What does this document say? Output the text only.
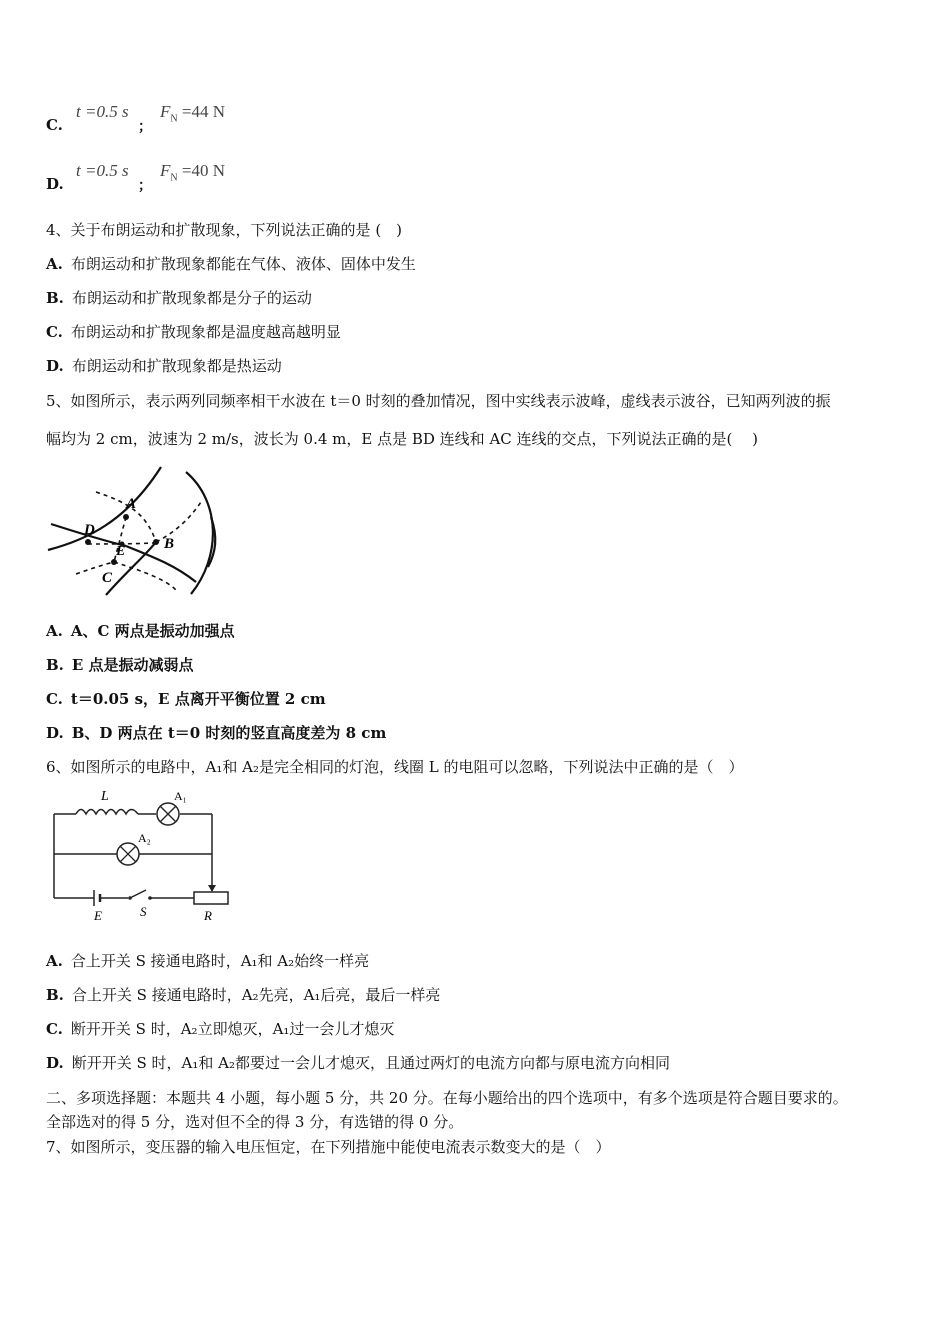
C.
t =0.5 s
；
$F_N =44$ N
D.
t =0.5 s
；
$F_N =40$ N
4、关于布朗运动和扩散现象，下列说法正确的是 (　)
A. 布朗运动和扩散现象都能在气体、液体、固体中发生
B. 布朗运动和扩散现象都是分子的运动
C. 布朗运动和扩散现象都是温度越高越明显
D. 布朗运动和扩散现象都是热运动
5、如图所示，表示两列同频率相干水波在 t＝0 时刻的叠加情况，图中实线表示波峰，虚线表示波谷，已知两列波的振
幅均为 2 cm，波速为 2 m/s，波长为 0.4 m，E 点是 BD 连线和 AC 连线的交点，下列说法正确的是(　 )
A
B
C
D
E
A. A、C 两点是振动加强点
B. E 点是振动减弱点
C. t＝0.05 s，E 点离开平衡位置 2 cm
D. B、D 两点在 t＝0 时刻的竖直高度差为 8 cm
6、如图所示的电路中，A₁和 A₂是完全相同的灯泡，线圈 L 的电阻可以忽略，下列说法中正确的是（　）
L	A₁
A₂
E	S	R
A. 合上开关 S 接通电路时，A₁和 A₂始终一样亮
B. 合上开关 S 接通电路时，A₂先亮，A₁后亮，最后一样亮
C. 断开开关 S 时，A₂立即熄灭，A₁过一会儿才熄灭
D. 断开开关 S 时，A₁和 A₂都要过一会儿才熄灭，且通过两灯的电流方向都与原电流方向相同
二、多项选择题：本题共 4 小题，每小题 5 分，共 20 分。在每小题给出的四个选项中，有多个选项是符合题目要求的。
全部选对的得 5 分，选对但不全的得 3 分，有选错的得 0 分。
7、如图所示，变压器的输入电压恒定，在下列措施中能使电流表示数变大的是（　）
